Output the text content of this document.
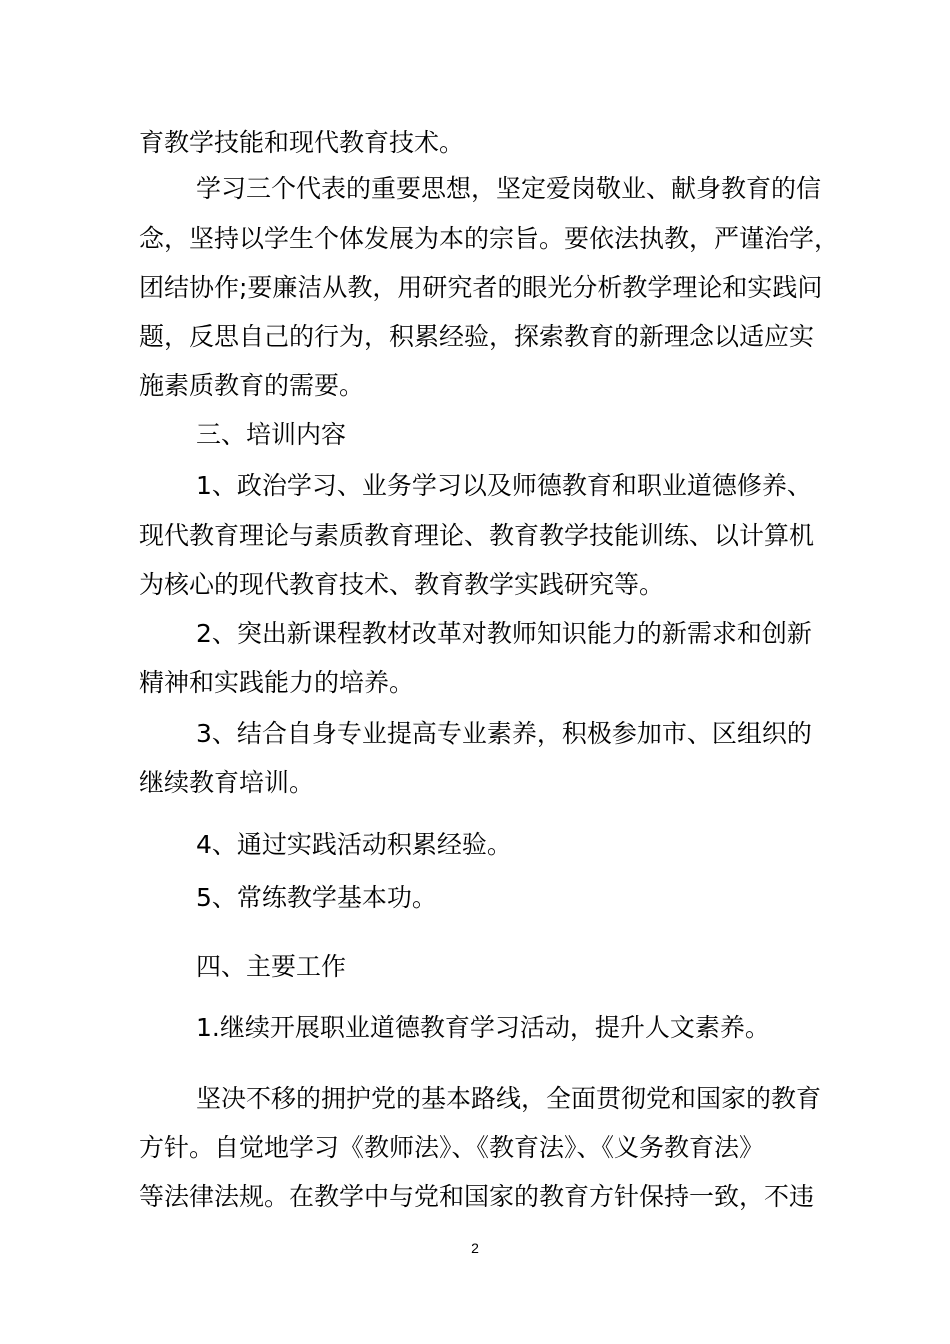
育教学技能和现代教育技术。

学习三个代表的重要思想，坚定爱岗敬业、献身教育的信

念，坚持以学生个体发展为本的宗旨。要依法执教，严谨治学，

团结协作;要廉洁从教，用研究者的眼光分析教学理论和实践问

题，反思自己的行为，积累经验，探索教育的新理念以适应实

施素质教育的需要。

三、培训内容

1、政治学习、业务学习以及师德教育和职业道德修养、

现代教育理论与素质教育理论、教育教学技能训练、以计算机

为核心的现代教育技术、教育教学实践研究等。

2、突出新课程教材改革对教师知识能力的新需求和创新

精神和实践能力的培养。

3、结合自身专业提高专业素养，积极参加市、区组织的

继续教育培训。

4、通过实践活动积累经验。

5、常练教学基本功。

四、主要工作

1.继续开展职业道德教育学习活动，提升人文素养。

坚决不移的拥护党的基本路线，全面贯彻党和国家的教育

方针。自觉地学习《教师法》、《教育法》、《义务教育法》

等法律法规。在教学中与党和国家的教育方针保持一致，不违

2
